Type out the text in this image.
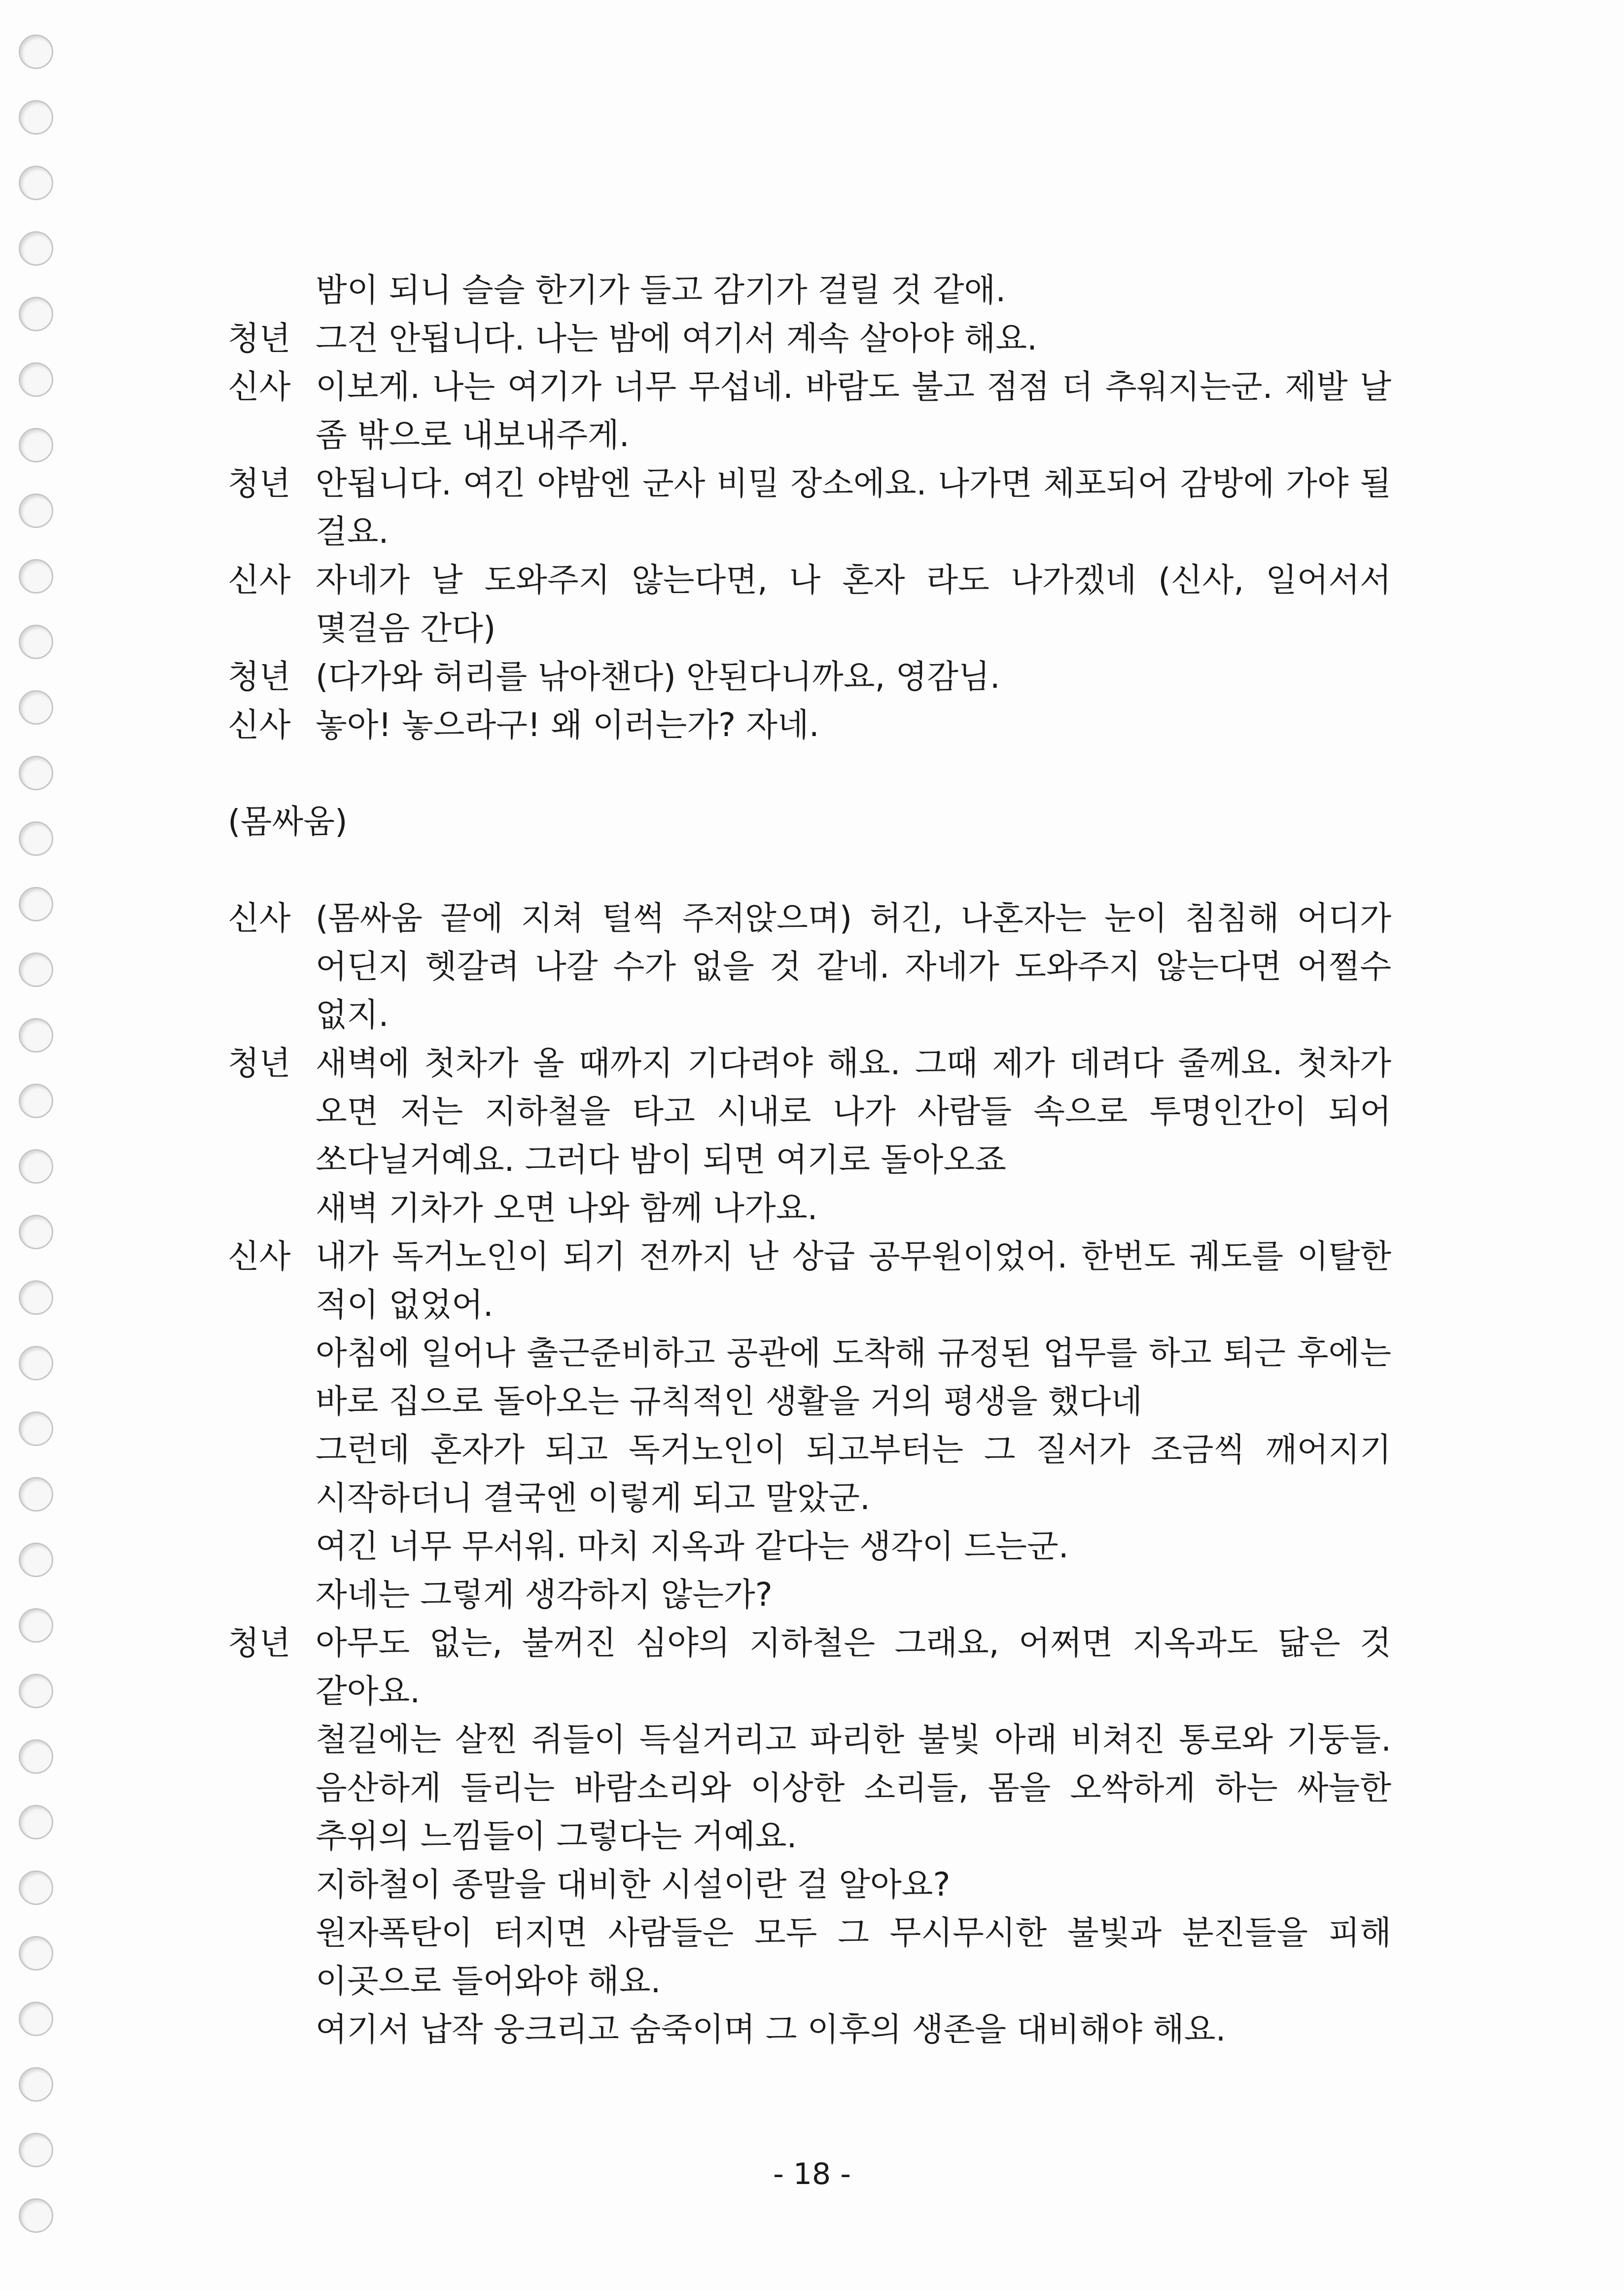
밤이 되니 슬슬 한기가 들고 감기가 걸릴 것 같애.
청년 그건 안됩니다. 나는 밤에 여기서 계속 살아야 해요.
신사 이보게. 나는 여기가 너무 무섭네. 바람도 불고 점점 더 추워지는군. 제발 날 좀 밖으로 내보내주게.
청년 안됩니다. 여긴 야밤엔 군사 비밀 장소에요. 나가면 체포되어 감방에 가야 될 걸요.
신사 자네가 날 도와주지 않는다면, 나 혼자 라도 나가겠네 (신사, 일어서서 몇걸음 간다)
청년 (다가와 허리를 낚아챈다) 안된다니까요, 영감님.
신사 놓아! 놓으라구! 왜 이러는가? 자네.
(몸싸움)
신사 (몸싸움 끝에 지쳐 털썩 주저앉으며) 허긴, 나혼자는 눈이 침침해 어디가 어딘지 헷갈려 나갈 수가 없을 것 같네. 자네가 도와주지 않는다면 어쩔수 없지.
청년 새벽에 첫차가 올 때까지 기다려야 해요. 그때 제가 데려다 줄께요. 첫차가 오면 저는 지하철을 타고 시내로 나가 사람들 속으로 투명인간이 되어 쏘다닐거예요. 그러다 밤이 되면 여기로 돌아오죠
새벽 기차가 오면 나와 함께 나가요.
신사 내가 독거노인이 되기 전까지 난 상급 공무원이었어. 한번도 궤도를 이탈한 적이 없었어.
아침에 일어나 출근준비하고 공관에 도착해 규정된 업무를 하고 퇴근 후에는 바로 집으로 돌아오는 규칙적인 생활을 거의 평생을 했다네
그런데 혼자가 되고 독거노인이 되고부터는 그 질서가 조금씩 깨어지기 시작하더니 결국엔 이렇게 되고 말았군.
여긴 너무 무서워. 마치 지옥과 같다는 생각이 드는군.
자네는 그렇게 생각하지 않는가?
청년 아무도 없는, 불꺼진 심야의 지하철은 그래요, 어쩌면 지옥과도 닮은 것 같아요.
철길에는 살찐 쥐들이 득실거리고 파리한 불빛 아래 비쳐진 통로와 기둥들. 음산하게 들리는 바람소리와 이상한 소리들, 몸을 오싹하게 하는 싸늘한 추위의 느낌들이 그렇다는 거예요.
지하철이 종말을 대비한 시설이란 걸 알아요?
원자폭탄이 터지면 사람들은 모두 그 무시무시한 불빛과 분진들을 피해 이곳으로 들어와야 해요.
여기서 납작 웅크리고 숨죽이며 그 이후의 생존을 대비해야 해요.
- 18 -
